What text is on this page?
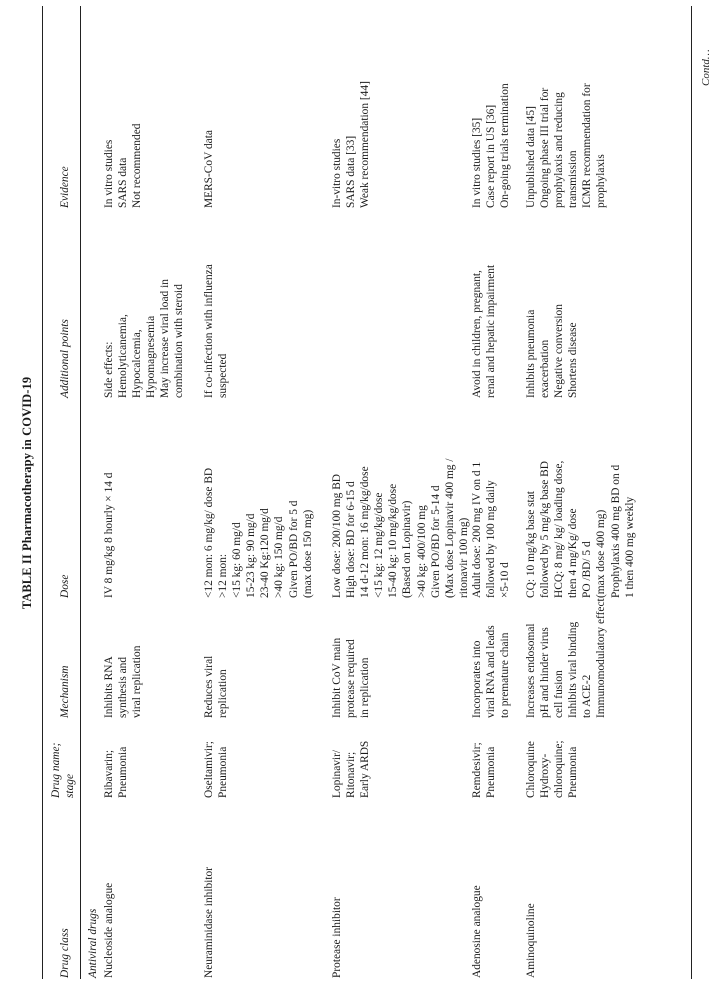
TABLE II Pharmacotherapy in COVID-19
Drug class
Drug name; stage
Mechanism
Dose
Additional points
Evidence
Antiviral drugs Nucleoside analogue
Ribavarin; Pneumonia
Inhibits RNA synthesis and viral replication
IV 8 mg/kg 8 hourly × 14 d
Side effects: Hemolyticanemia, Hypocalcemia, Hypomagnesemia May increase viral load in combination with steroid
In vitro studies SARS data Not recommended
Neuraminidase inhibitor
Oseltamivir; Pneumonia
Reduces viral replication
<12 mon: 6 mg/kg/ dose BD >12 mon: <15 kg: 60 mg/d 15-23 kg: 90 mg/d 23-40 Kg:120 mg/d >40 kg: 150 mg/d Given PO/BD for 5 d (max dose 150 mg)
If co-infection with influenza suspected
MERS-CoV data
Protease inhibitor
Lopinavir/ Ritonavir; Early ARDS
Inhibit CoV main protease required in replication
Low dose: 200/100 mg BD High dose: BD for 6-15 d 14 d-12 mon: 16 mg/kg/dose <15 kg: 12 mg/kg/dose 15-40 kg: 10 mg/kg/dose (Based on Lopinavir) >40 kg: 400/100 mg Given PO/BD for 5-14 d (Max dose Lopinavir 400 mg / ritonavir 100 mg)
In-vitro studies SARS data [33] Weak recommendation [44]
Adenosine analogue
Remdesivir; Pneumonia
Incorporates into viral RNA and leads to premature chain
Adult dose: 200 mg IV on d 1 followed by 100 mg daily ×5-10 d
Avoid in children, pregnant, renal and hepatic impairment
In vitro studies [35] Case report in US [36] On-going trials termination
Aminoquinoline
Chloroquine Hydroxy- chloroquine; Pneumonia
Increases endosomal pH and hinder virus cell fusion Inhibits viral binding to ACE-2 Immunomodulatory effect
CQ: 10 mg/kg base stat followed by 5 mg/kg base BD HCQ: 8 mg/ kg/ loading dose, then 4 mg/Kg/ dose PO /BD/ 5 d (max dose 400 mg) Prophylaxis 400 mg BD on d 1 then 400 mg weekly
Inhibits pneumonia exacerbation Negative conversion Shortens disease
Unpublished data [45] Ongoing phase III trial for prophylaxis and reducing transmission ICMR recommendation for prophylaxis
Contd…
